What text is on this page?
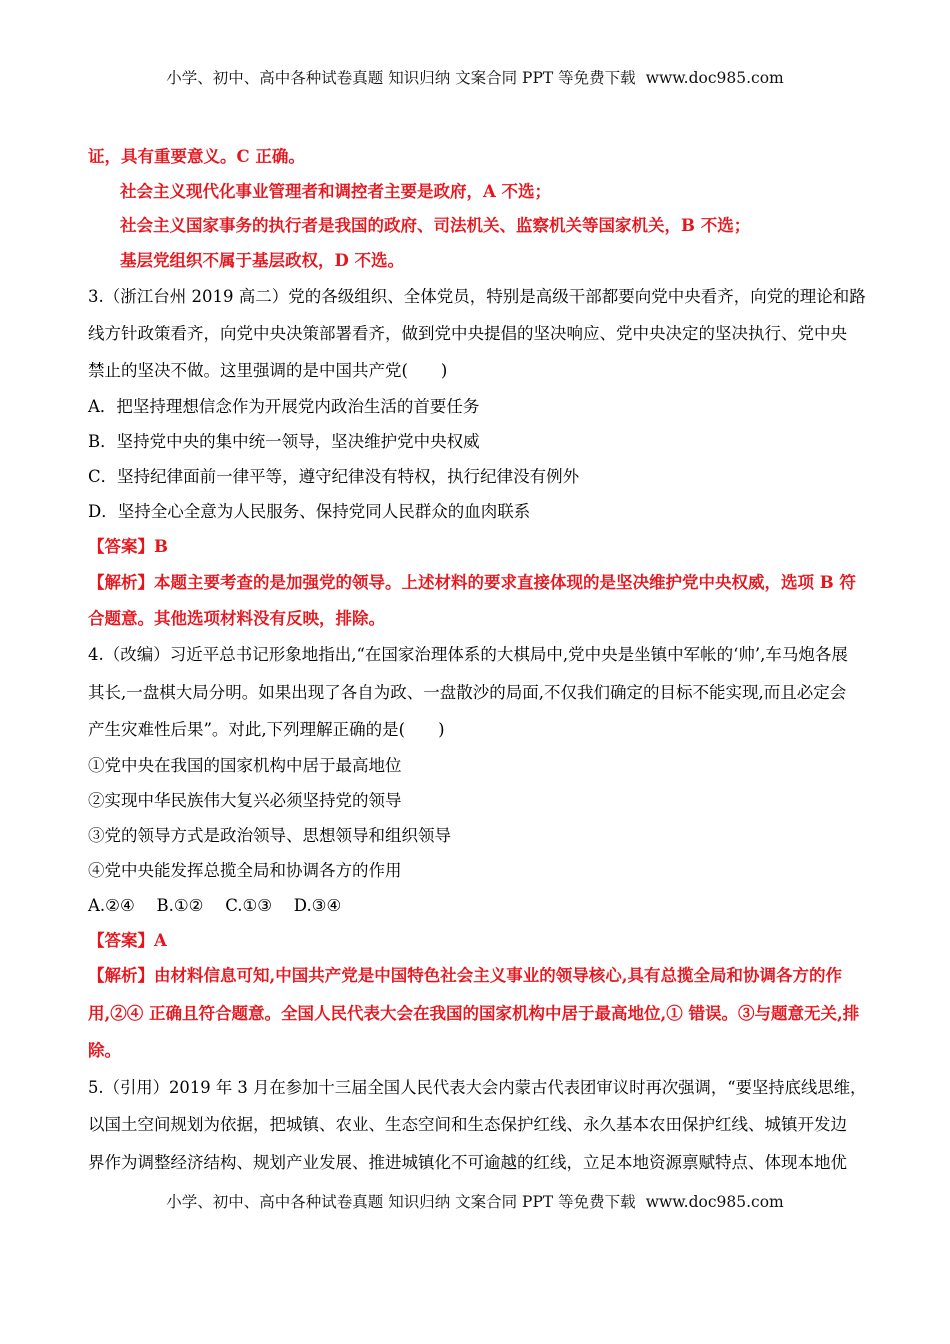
小学、初中、高中各种试卷真题 知识归纳 文案合同 PPT 等免费下载 www.doc985.com
证，具有重要意义。C 正确。
社会主义现代化事业管理者和调控者主要是政府，A 不选；
社会主义国家事务的执行者是我国的政府、司法机关、监察机关等国家机关，B 不选；
基层党组织不属于基层政权，D 不选。
3.（浙江台州 2019 高二）党的各级组织、全体党员，特别是高级干部都要向党中央看齐，向党的理论和路
线方针政策看齐，向党中央决策部署看齐，做到党中央提倡的坚决响应、党中央决定的坚决执行、党中央
禁止的坚决不做。这里强调的是中国共产党(　　)
A．把坚持理想信念作为开展党内政治生活的首要任务
B．坚持党中央的集中统一领导，坚决维护党中央权威
C．坚持纪律面前一律平等，遵守纪律没有特权，执行纪律没有例外
D．坚持全心全意为人民服务、保持党同人民群众的血肉联系
【答案】B
【解析】本题主要考查的是加强党的领导。上述材料的要求直接体现的是坚决维护党中央权威，选项 B 符
合题意。其他选项材料没有反映，排除。
4.（改编）习近平总书记形象地指出,“在国家治理体系的大棋局中,党中央是坐镇中军帐的‘帅’,车马炮各展
其长,一盘棋大局分明。如果出现了各自为政、一盘散沙的局面,不仅我们确定的目标不能实现,而且必定会
产生灾难性后果”。对此,下列理解正确的是(　　)
①党中央在我国的国家机构中居于最高地位
②实现中华民族伟大复兴必须坚持党的领导
③党的领导方式是政治领导、思想领导和组织领导
④党中央能发挥总揽全局和协调各方的作用
A.②④　 B.①②　 C.①③　 D.③④
【答案】A
【解析】由材料信息可知,中国共产党是中国特色社会主义事业的领导核心,具有总揽全局和协调各方的作
用,②④ 正确且符合题意。全国人民代表大会在我国的国家机构中居于最高地位,① 错误。③与题意无关,排
除。
5.（引用）2019 年 3 月在参加十三届全国人民代表大会内蒙古代表团审议时再次强调，“要坚持底线思维，
以国土空间规划为依据，把城镇、农业、生态空间和生态保护红线、永久基本农田保护红线、城镇开发边
界作为调整经济结构、规划产业发展、推进城镇化不可逾越的红线，立足本地资源禀赋特点、体现本地优
小学、初中、高中各种试卷真题 知识归纳 文案合同 PPT 等免费下载 www.doc985.com
